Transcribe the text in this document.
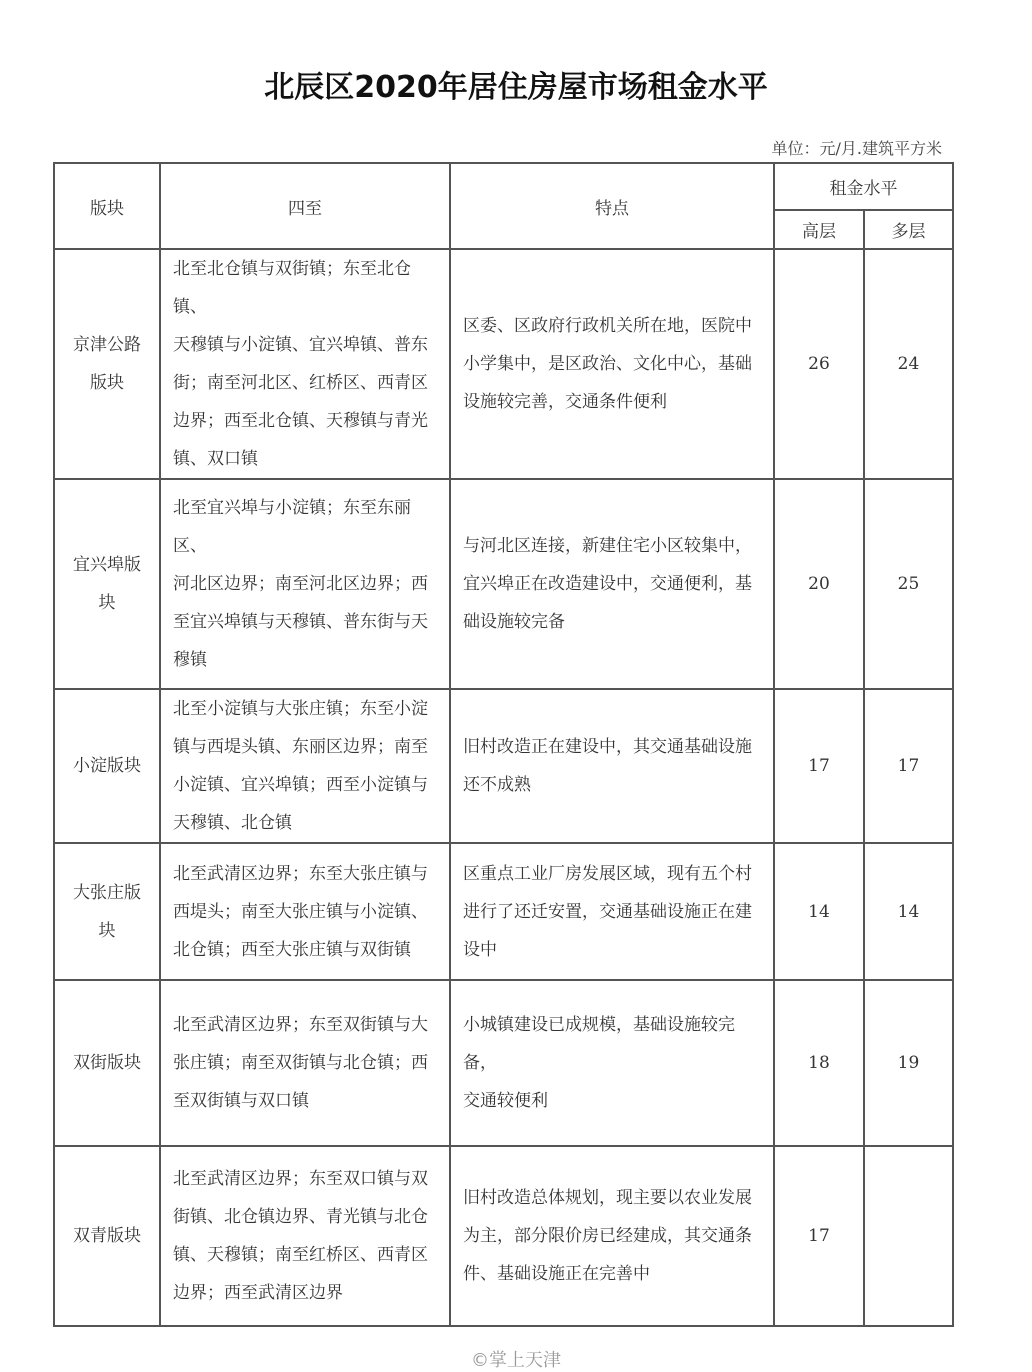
北辰区2020年居住房屋市场租金水平
单位：元/月.建筑平方米
版块	四至	特点	租金水平	
			高层	多层
京津公路
版块	北至北仓镇与双街镇；东至北仓镇、
天穆镇与小淀镇、宜兴埠镇、普东
街；南至河北区、红桥区、西青区
边界；西至北仓镇、天穆镇与青光
镇、双口镇	区委、区政府行政机关所在地，医院中
小学集中，是区政治、文化中心，基础
设施较完善，交通条件便利	26	24
宜兴埠版
块	北至宜兴埠与小淀镇；东至东丽区、
河北区边界；南至河北区边界；西
至宜兴埠镇与天穆镇、普东街与天
穆镇	与河北区连接，新建住宅小区较集中，
宜兴埠正在改造建设中，交通便利，基
础设施较完备	20	25
小淀版块	北至小淀镇与大张庄镇；东至小淀
镇与西堤头镇、东丽区边界；南至
小淀镇、宜兴埠镇；西至小淀镇与
天穆镇、北仓镇	旧村改造正在建设中，其交通基础设施
还不成熟	17	17
大张庄版
块	北至武清区边界；东至大张庄镇与
西堤头；南至大张庄镇与小淀镇、
北仓镇；西至大张庄镇与双街镇	区重点工业厂房发展区域，现有五个村
进行了还迁安置，交通基础设施正在建
设中	14	14
双街版块	北至武清区边界；东至双街镇与大
张庄镇；南至双街镇与北仓镇；西
至双街镇与双口镇	小城镇建设已成规模，基础设施较完备，
交通较便利	18	19
双青版块	北至武清区边界；东至双口镇与双
街镇、北仓镇边界、青光镇与北仓
镇、天穆镇；南至红桥区、西青区
边界；西至武清区边界	旧村改造总体规划，现主要以农业发展
为主，部分限价房已经建成，其交通条
件、基础设施正在完善中	17	
©掌上天津
